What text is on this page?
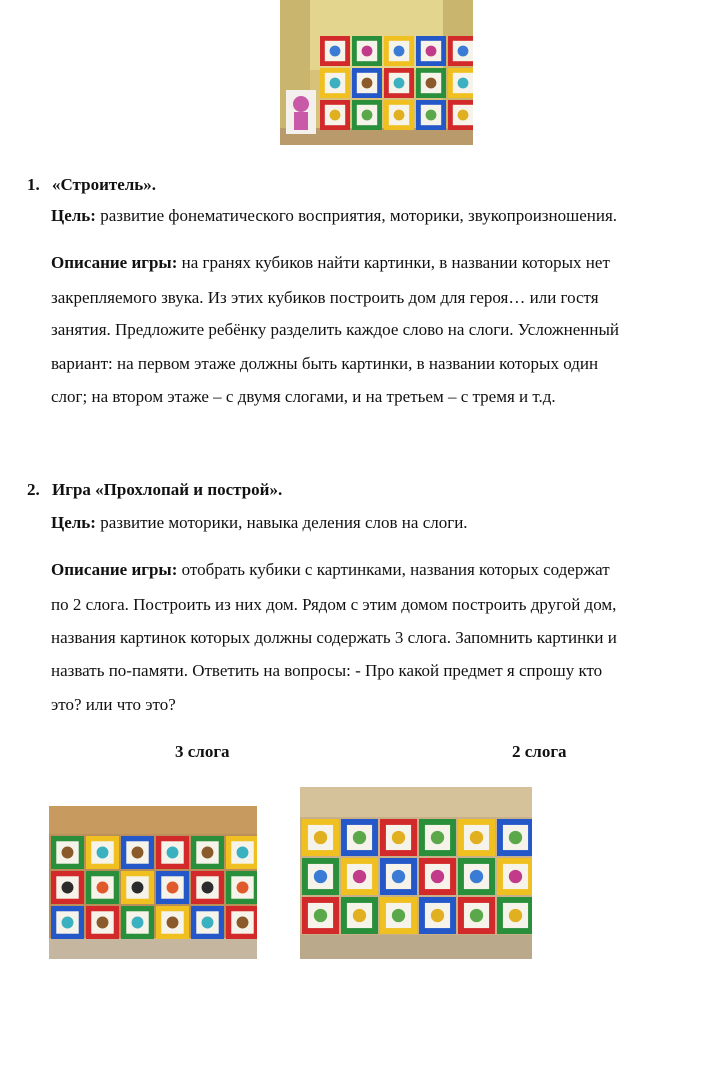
1. «Строитель».
Цель: развитие фонематического восприятия, моторики, звукопроизношения.
Описание игры: на гранях кубиков найти картинки, в названии которых нет
закрепляемого звука. Из этих кубиков построить дом для героя… или гостя
занятия. Предложите ребёнку разделить каждое слово на слоги. Усложненный
вариант: на первом этаже должны быть картинки, в названии которых один
слог; на втором этаже – с двумя слогами, и на третьем – с тремя и т.д.
2. Игра «Прохлопай и построй».
Цель: развитие моторики, навыка деления слов на слоги.
Описание игры: отобрать кубики с картинками, названия которых содержат
по 2 слога. Построить из них дом. Рядом с этим домом построить другой дом,
названия картинок которых должны содержать 3 слога. Запомнить картинки и
назвать по-памяти. Ответить на вопросы: - Про какой предмет я спрошу кто
это? или что это?
3 слога	2 слога
